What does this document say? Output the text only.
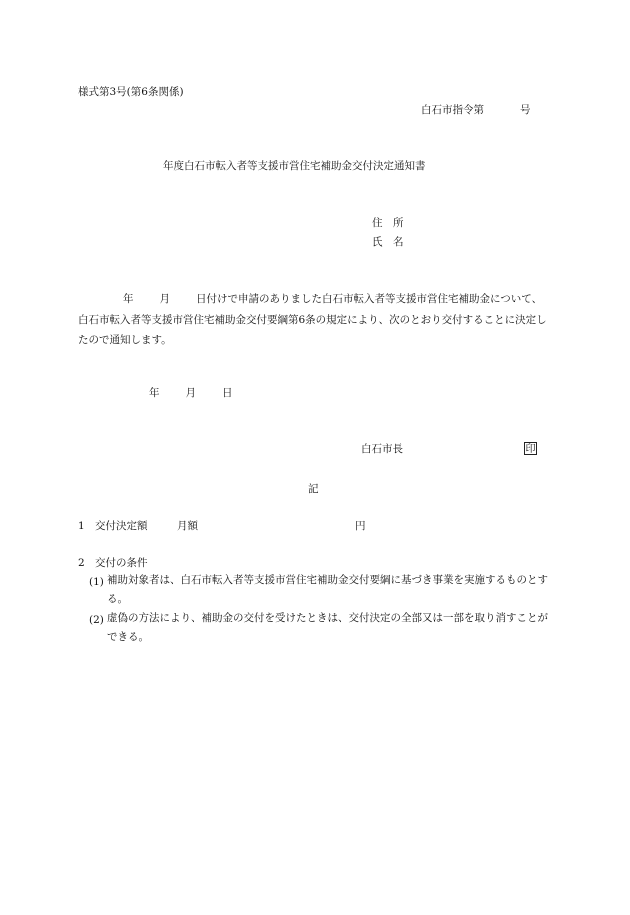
様式第3号(第6条関係)
白石市指令第	号
年度白石市転入者等支援市営住宅補助金交付決定通知書
住　所
氏　名
年 月 日付けで申請のありました白石市転入者等支援市営住宅補助金について、白石市転入者等支援市営住宅補助金交付要綱第6条の規定により、次のとおり交付することに決定したので通知します。
年 月 日
白石市長	印
記
1 交付決定額	月額	円
2 交付の条件
(1) 補助対象者は、白石市転入者等支援市営住宅補助金交付要綱に基づき事業を実施するものとする。
(2) 虚偽の方法により、補助金の交付を受けたときは、交付決定の全部又は一部を取り消すことができる。
